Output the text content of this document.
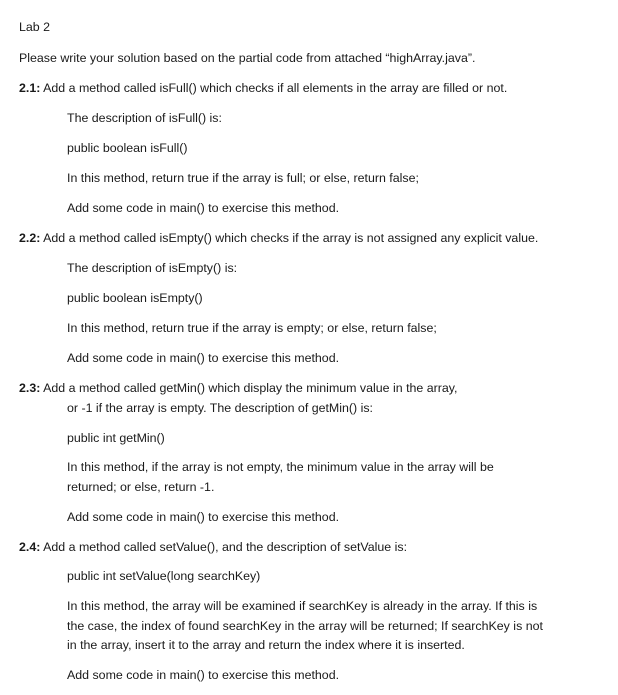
Lab 2
Please write your solution based on the partial code from attached “highArray.java”.
2.1: Add a method called isFull() which checks if all elements in the array are filled or not.
The description of isFull() is:
public boolean isFull()
In this method, return true if the array is full; or else, return false;
Add some code in main() to exercise this method.
2.2: Add a method called isEmpty() which checks if the array is not assigned any explicit value.
The description of isEmpty() is:
public boolean isEmpty()
In this method, return true if the array is empty; or else, return false;
Add some code in main() to exercise this method.
2.3: Add a method called getMin() which display the minimum value in the array,
or -1 if the array is empty. The description of getMin() is:
public int getMin()
In this method, if the array is not empty, the minimum value in the array will be
returned; or else, return -1.
Add some code in main() to exercise this method.
2.4: Add a method called setValue(), and the description of setValue is:
public int setValue(long searchKey)
In this method, the array will be examined if searchKey is already in the array. If this is
the case, the index of found searchKey in the array will be returned; If searchKey is not
in the array, insert it to the array and return the index where it is inserted.
Add some code in main() to exercise this method.
